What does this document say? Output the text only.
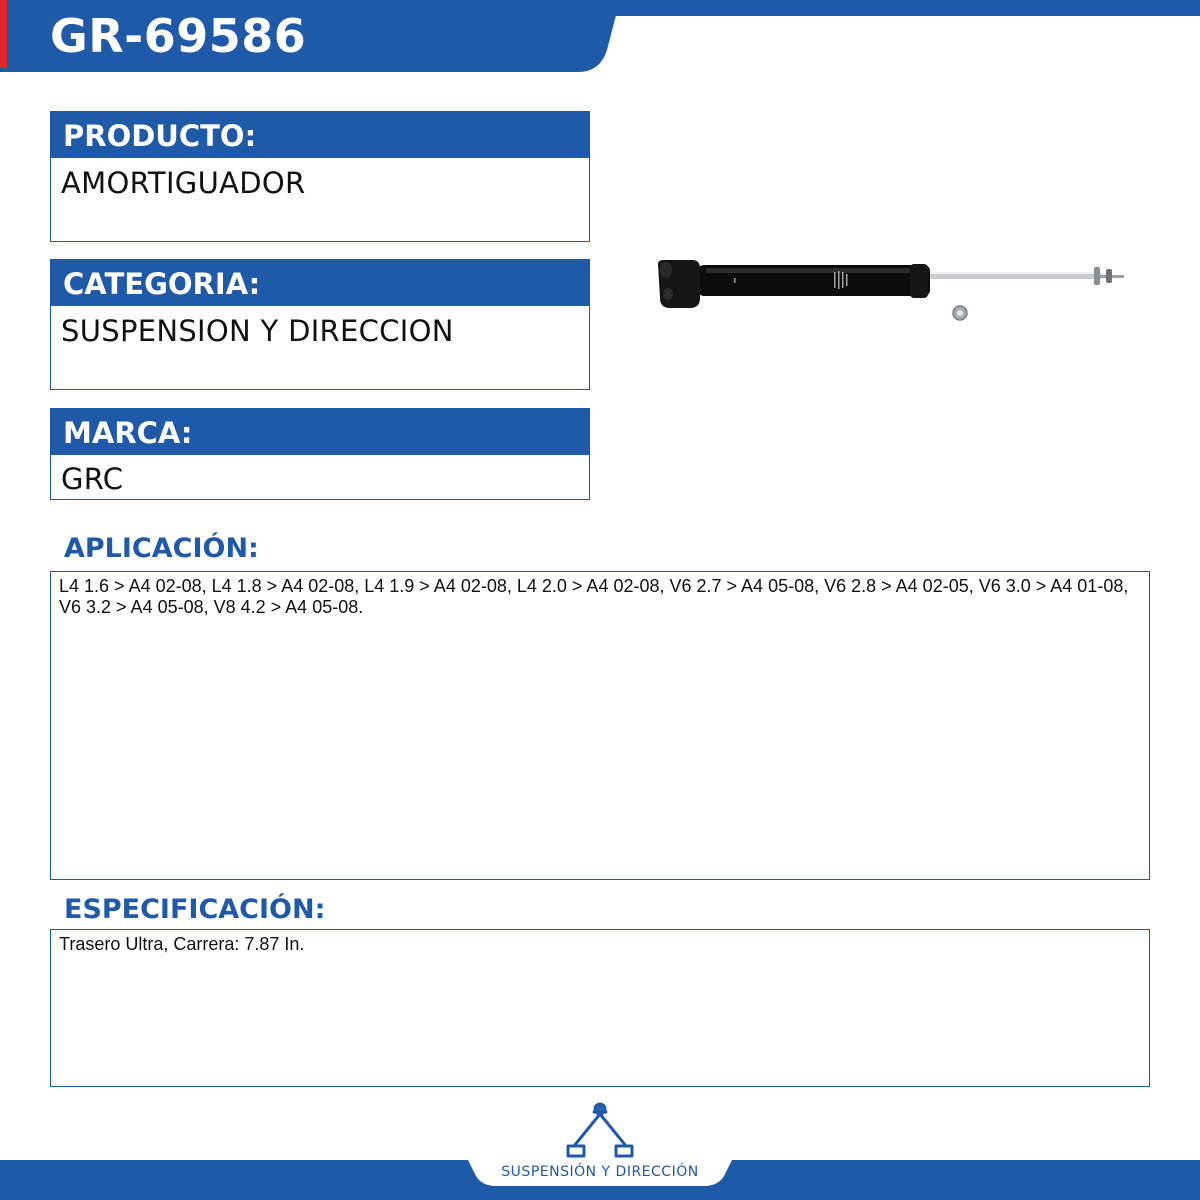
GR-69586
PRODUCTO:
AMORTIGUADOR
CATEGORIA:
SUSPENSION Y DIRECCION
MARCA:
GRC
APLICACIÓN:
L4 1.6 > A4 02-08, L4 1.8 > A4 02-08, L4 1.9 > A4 02-08, L4 2.0 > A4 02-08, V6 2.7 > A4 05-08, V6 2.8 > A4 02-05, V6 3.0 > A4 01-08, V6 3.2 > A4 05-08, V8 4.2 > A4 05-08.
ESPECIFICACIÓN:
Trasero Ultra, Carrera: 7.87 In.
SUSPENSIÓN Y DIRECCIÓN
